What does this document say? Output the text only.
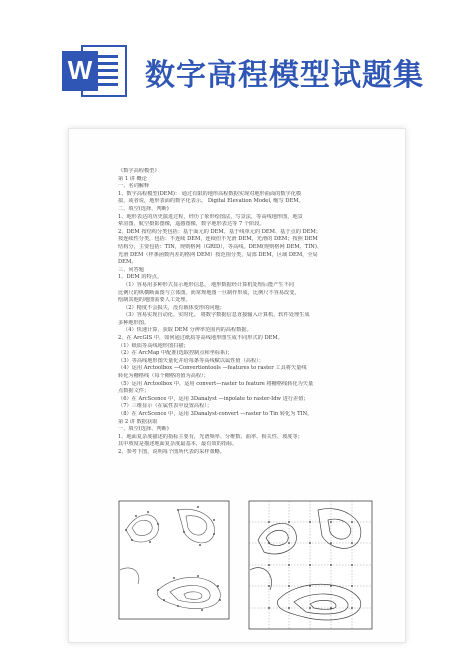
W 数字高程模型试题集
《数字高程模型》
第 1 讲 概论
一、名词解释
1、数字高程模型(DEM)： 通过有限的地形高程数据实现对地形曲面的数字化模
拟，或者说，地形表面的数字化表示。 Digital Elevation Model, 缩写 DEM。
二、填空(选择、判断)
1、地形表达的历史演进过程，经历了象形绘图法，写景法，等高线地形图，地景
晕渲图，航空摄影图像，遥感图像，数字地形表达等 7 个阶段。
2、DEM 按结构分类包括：基于面元的 DEM、基于线单元的 DEM、基于点的 DEM；
按连续性分类，包括：不连续 DEM，连续但不光滑 DEM，光滑的 DEM；按照 DEM
结构分，主要包括：TIN，规则格网（GRID），等高线。DEM(规则格网 DEM、TIN)、
光滑 DEM（样条函数内差的格网 DEM）按范围分类，局部 DEM，区域 DEM，全局
DEM。
三、问答题
1、DEM 的特点。
（1）容易用多种形式显示地形信息。 地形数据经计算机处理后能产生不同
比例尺的纵横断面图与立体图。而常规地图一旦制作形成，比例尺不容易改变，
绘制其他的地图需要人工处理。
（2）精度不会损失，没有载体变形的问题；
（3）容易实现自动化、实时化。 将数字数据信息直接输入计算机，软件处理生成
多种地形图。
（4）快速计算，获取 DEM 分辨率范围内的高程数据。
2、在 ArcGIS 中，如何通过纸质等高线地形图生成不同形式的 DEM。
（1）纸质等高线地形图扫描；
（2）在 ArcMap 中配准(选取控制点和坐标系)；
（3）等高线地形图矢量化并给每条等高线赋以属性值（高程）；
（4）运用 Arctoolbox —Convertiontools —features to raster 工具将矢量线
转化为栅格线（每个栅格的值为高程）；
（5）运用 Arctoolbox 中，运用 convert—raster to feature 将栅格线转化为矢量
点数据文件；
（6）在 ArcScence 中，运用 3Danalyst —inpolate to raster-Idw 进行差值；
（7）三维显示（在属性表中设置高程）；
（8）在 ArcScence 中，运用 3Danalyst-convert —raster to Tin 转化为 TIN。
第 2 讲 数据获取
一、填空(选择、判断)
1、地面复杂度描述的指标主要有，光谱频率、分维数、曲率、相关性、坡度等；
其中坡度是描述地面复杂度最基本，最有效的指标。
2、参考下图，说明每个图所代表的采样策略。
